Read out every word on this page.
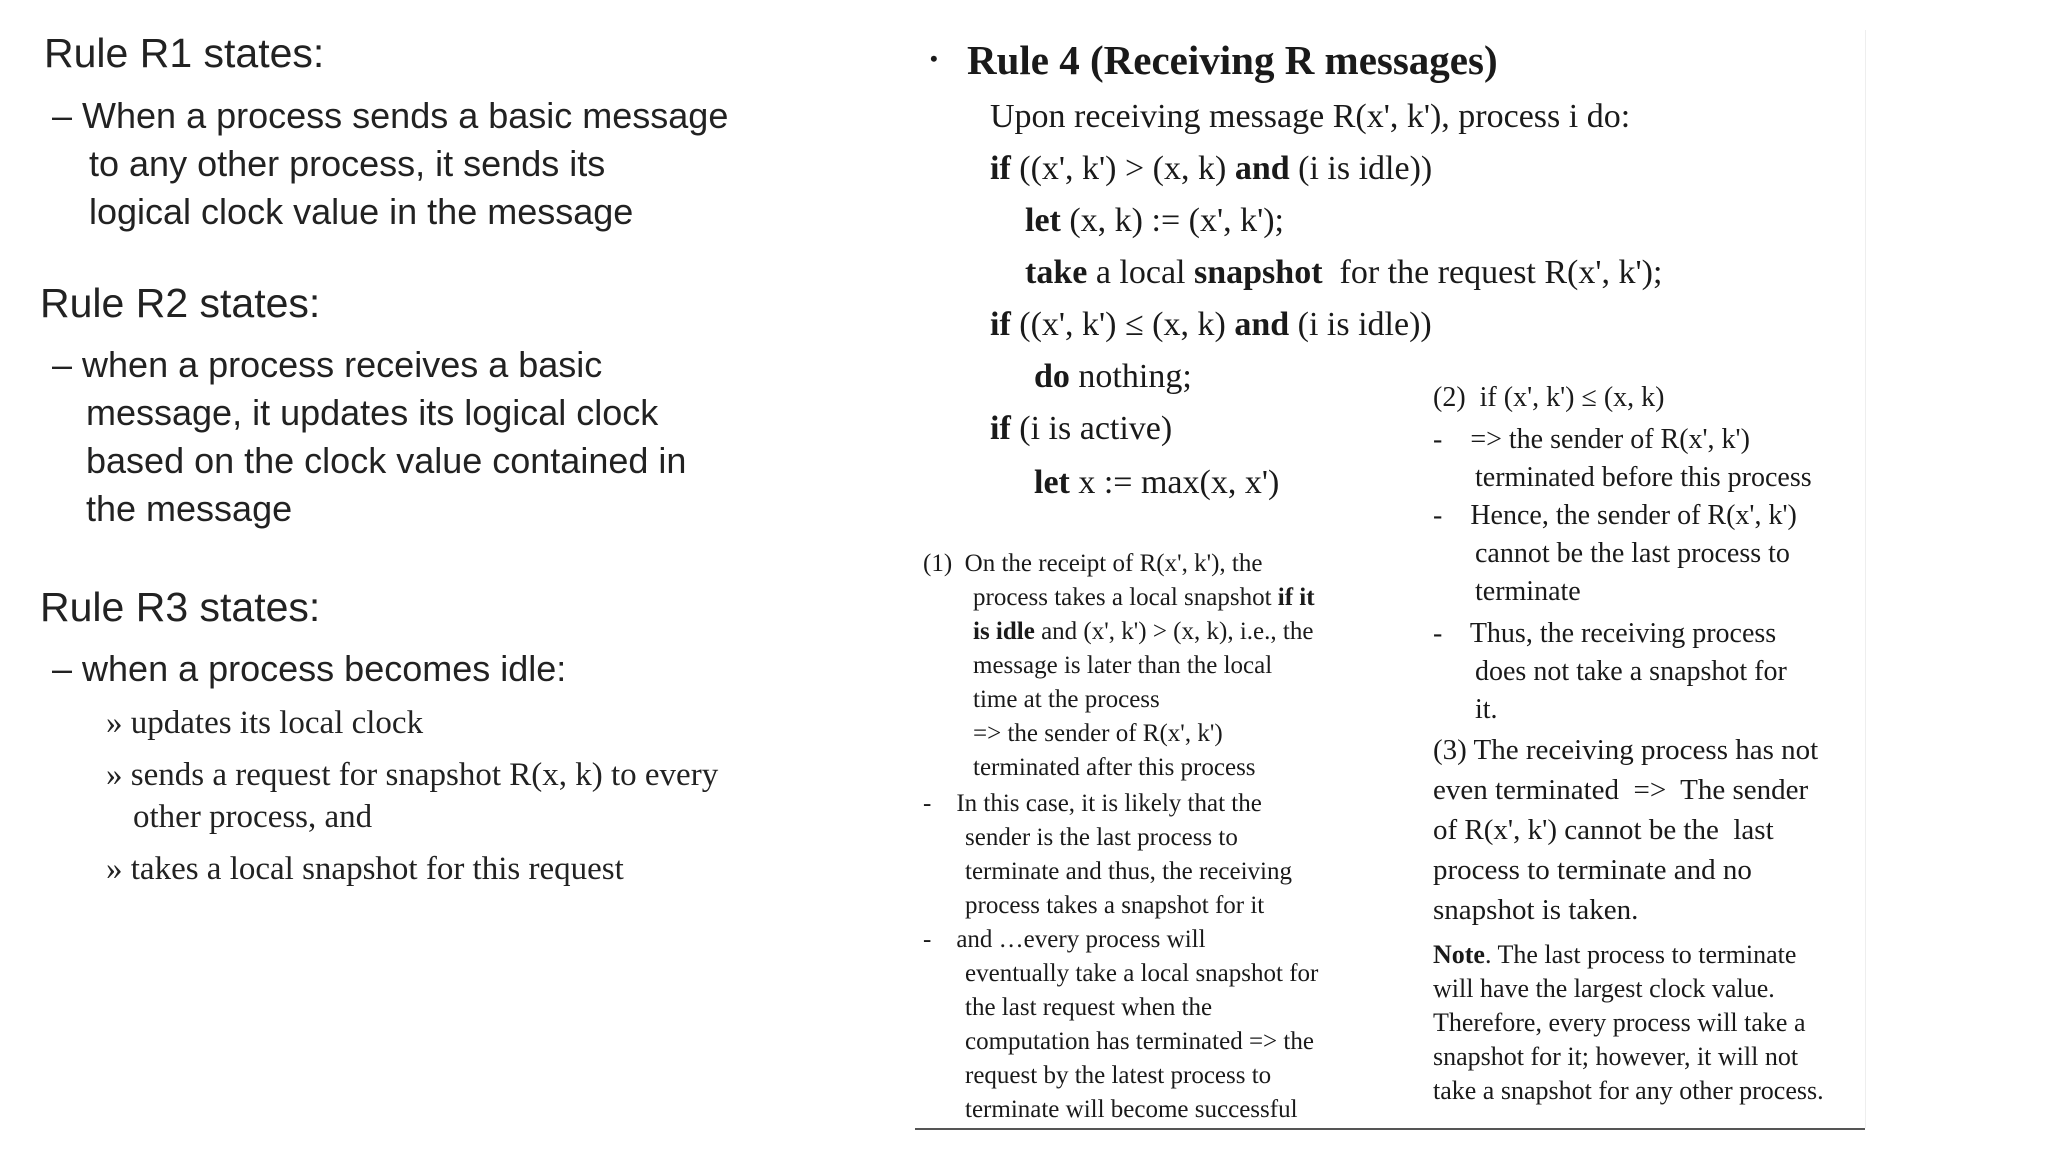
Rule R1 states:
– When a process sends a basic message
to any other process, it sends its
logical clock value in the message
Rule R2 states:
– when a process receives a basic
message, it updates its logical clock
based on the clock value contained in
the message
Rule R3 states:
– when a process becomes idle:
» updates its local clock
» sends a request for snapshot R(x, k) to every
other process, and
» takes a local snapshot for this request
• Rule 4 (Receiving R messages)
Upon receiving message R(x', k'), process i do:
if ((x', k') > (x, k) and (i is idle))
let (x, k) := (x', k');
take a local snapshot  for the request R(x', k');
if ((x', k') ≤ (x, k) and (i is idle))
do nothing;
if (i is active)
let x := max(x, x')
(1)  On the receipt of R(x', k'), the
process takes a local snapshot if it
is idle and (x', k') > (x, k), i.e., the
message is later than the local
time at the process
=> the sender of R(x', k')
terminated after this process
-    In this case, it is likely that the
sender is the last process to
terminate and thus, the receiving
process takes a snapshot for it
-    and …every process will
eventually take a local snapshot for
the last request when the
computation has terminated => the
request by the latest process to
terminate will become successful
(2)  if (x', k') ≤ (x, k)
-    => the sender of R(x', k')
terminated before this process
-    Hence, the sender of R(x', k')
cannot be the last process to
terminate
-    Thus, the receiving process
does not take a snapshot for
it.
(3) The receiving process has not
even terminated  =>  The sender
of R(x', k') cannot be the  last
process to terminate and no
snapshot is taken.
Note. The last process to terminate
will have the largest clock value.
Therefore, every process will take a
snapshot for it; however, it will not
take a snapshot for any other process.
